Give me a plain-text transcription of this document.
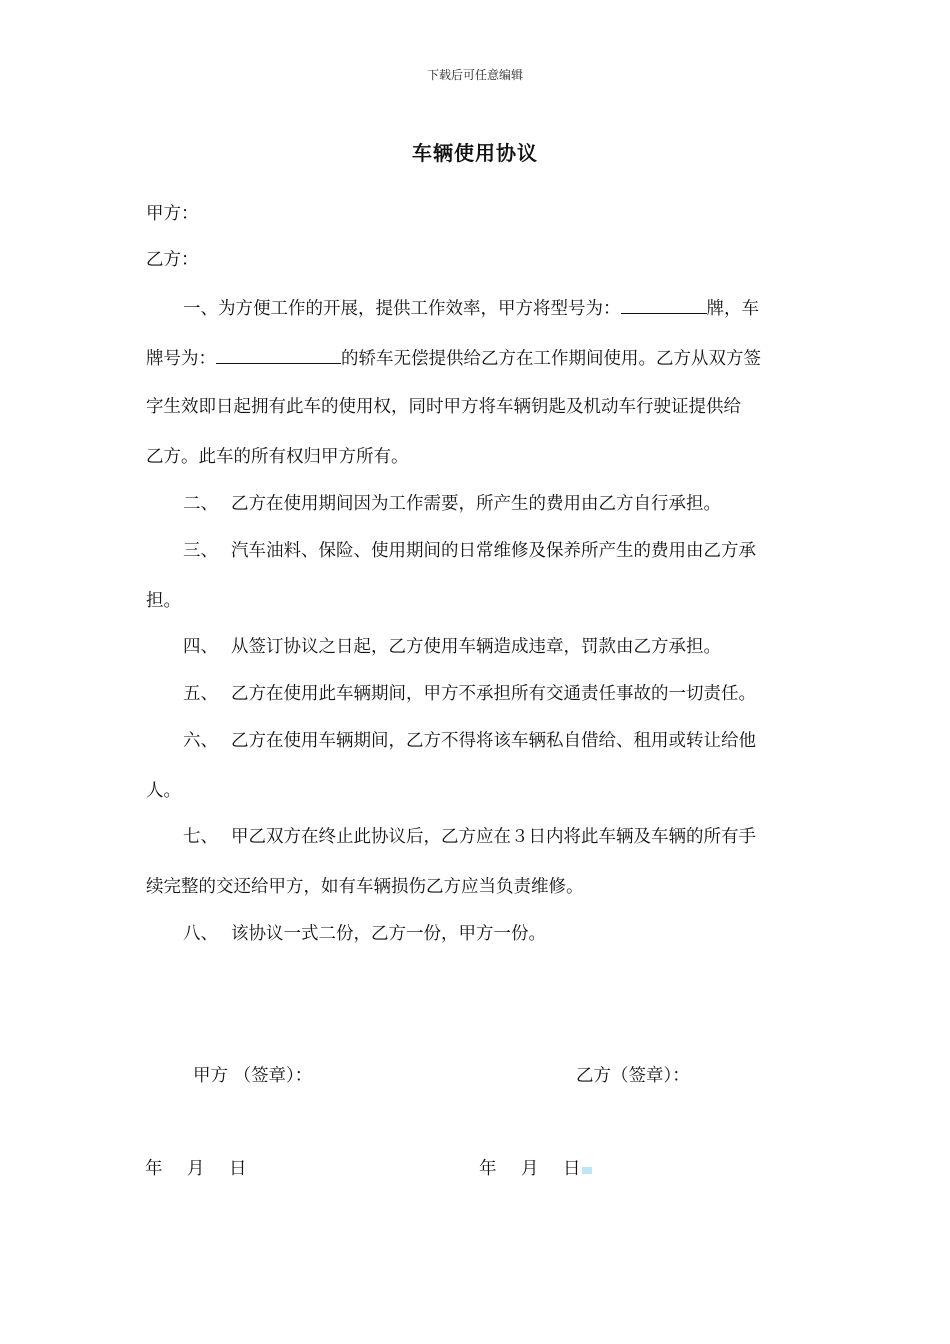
下载后可任意编辑
车辆使用协议
甲方：
乙方：
一、为方便工作的开展，提供工作效率，甲方将型号为：	牌，车
牌号为：	的轿车无偿提供给乙方在工作期间使用。乙方从双方签
字生效即日起拥有此车的使用权，同时甲方将车辆钥匙及机动车行驶证提供给
乙方。此车的所有权归甲方所有。
二、 乙方在使用期间因为工作需要，所产生的费用由乙方自行承担。
三、 汽车油料、保险、使用期间的日常维修及保养所产生的费用由乙方承
担。
四、 从签订协议之日起，乙方使用车辆造成违章，罚款由乙方承担。
五、 乙方在使用此车辆期间，甲方不承担所有交通责任事故的一切责任。
六、 乙方在使用车辆期间，乙方不得将该车辆私自借给、租用或转让给他
人。
七、 甲乙双方在终止此协议后，乙方应在３日内将此车辆及车辆的所有手
续完整的交还给甲方，如有车辆损伤乙方应当负责维修。
八、 该协议一式二份，乙方一份，甲方一份。
甲方 （签章）：	乙方（签章）：
年 月 日	年 月 日
